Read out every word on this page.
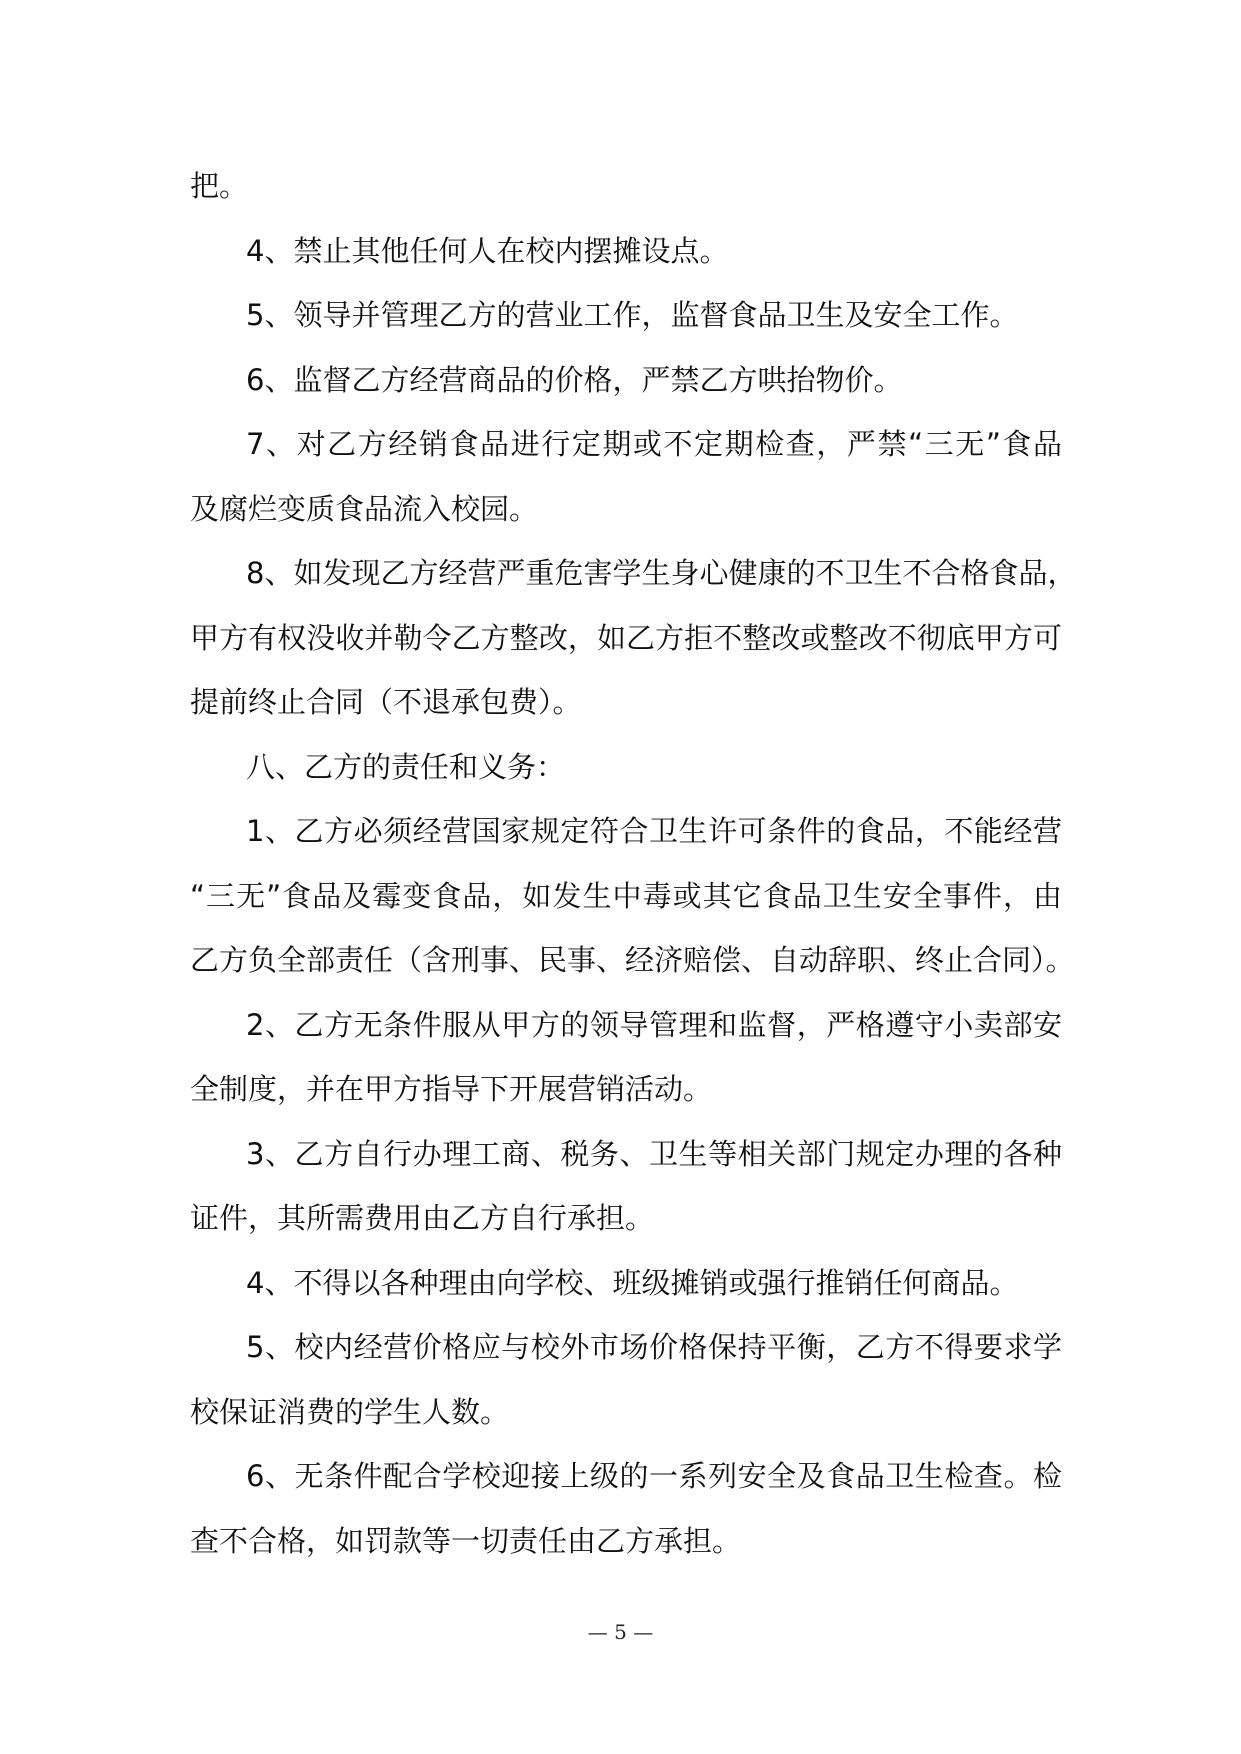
把。
4、禁止其他任何人在校内摆摊设点。
5、领导并管理乙方的营业工作，监督食品卫生及安全工作。
6、监督乙方经营商品的价格，严禁乙方哄抬物价。
7、对乙方经销食品进行定期或不定期检查，严禁“三无”食品
及腐烂变质食品流入校园。
8、如发现乙方经营严重危害学生身心健康的不卫生不合格食品，
甲方有权没收并勒令乙方整改，如乙方拒不整改或整改不彻底甲方可
提前终止合同（不退承包费）。
八、乙方的责任和义务：
1、乙方必须经营国家规定符合卫生许可条件的食品，不能经营
“三无”食品及霉变食品，如发生中毒或其它食品卫生安全事件，由
乙方负全部责任（含刑事、民事、经济赔偿、自动辞职、终止合同）。
2、乙方无条件服从甲方的领导管理和监督，严格遵守小卖部安
全制度，并在甲方指导下开展营销活动。
3、乙方自行办理工商、税务、卫生等相关部门规定办理的各种
证件，其所需费用由乙方自行承担。
4、不得以各种理由向学校、班级摊销或强行推销任何商品。
5、校内经营价格应与校外市场价格保持平衡，乙方不得要求学
校保证消费的学生人数。
6、无条件配合学校迎接上级的一系列安全及食品卫生检查。检
查不合格，如罚款等一切责任由乙方承担。
— 5 —
